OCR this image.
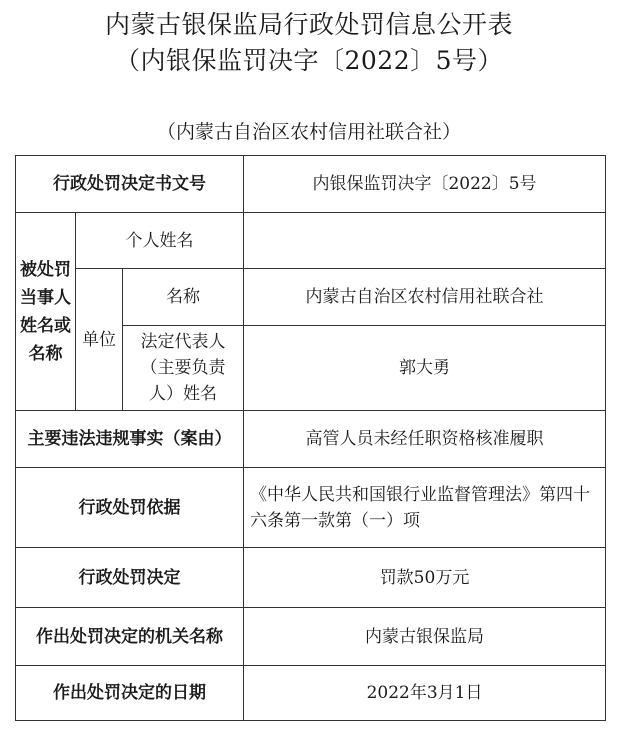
内蒙古银保监局行政处罚信息公开表
（内银保监罚决字〔2022〕5号）
（内蒙古自治区农村信用社联合社）
行政处罚决定书文号			内银保监罚决字〔2022〕5号
被处罚当事人姓名或名称	个人姓名		
	单位	名称	内蒙古自治区农村信用社联合社
		法定代表人（主要负责人）姓名	郭大勇
主要违法违规事实（案由）			高管人员未经任职资格核准履职
行政处罚依据			《中华人民共和国银行业监督管理法》第四十六条第一款第（一）项
行政处罚决定			罚款50万元
作出处罚决定的机关名称			内蒙古银保监局
作出处罚决定的日期			2022年3月1日
